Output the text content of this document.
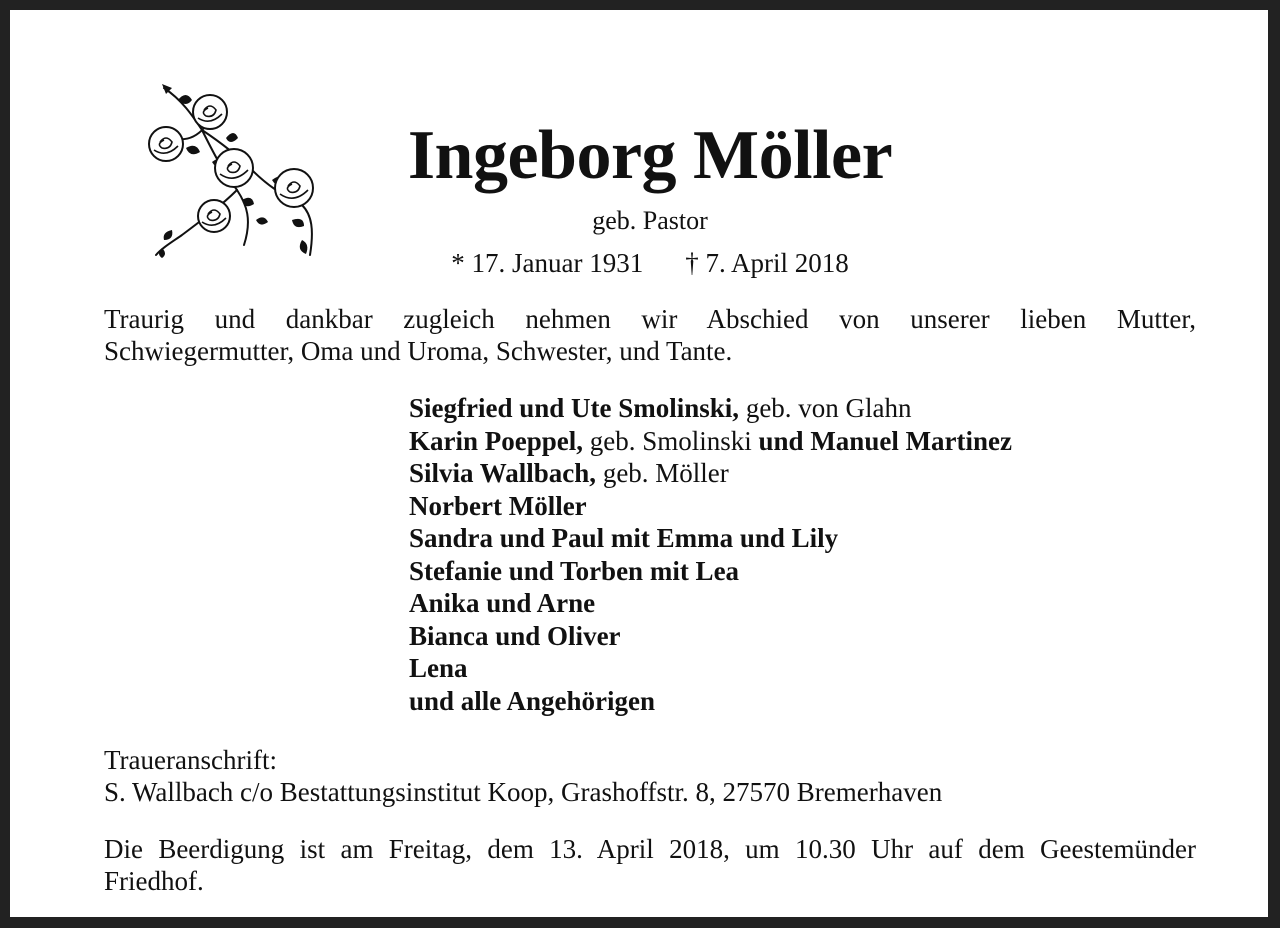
Ingeborg Möller
geb. Pastor
* 17. Januar 1931 † 7. April 2018
Traurig und dankbar zugleich nehmen wir Abschied von unserer lieben Mutter,
Schwiegermutter, Oma und Uroma, Schwester, und Tante.
Siegfried und Ute Smolinski, geb. von Glahn
Karin Poeppel, geb. Smolinski und Manuel Martinez
Silvia Wallbach, geb. Möller
Norbert Möller
Sandra und Paul mit Emma und Lily
Stefanie und Torben mit Lea
Anika und Arne
Bianca und Oliver
Lena
und alle Angehörigen
Traueranschrift:
S. Wallbach c/o Bestattungsinstitut Koop, Grashoffstr. 8, 27570 Bremerhaven
Die Beerdigung ist am Freitag, dem 13. April 2018, um 10.30 Uhr auf dem Geestemünder
Friedhof.
